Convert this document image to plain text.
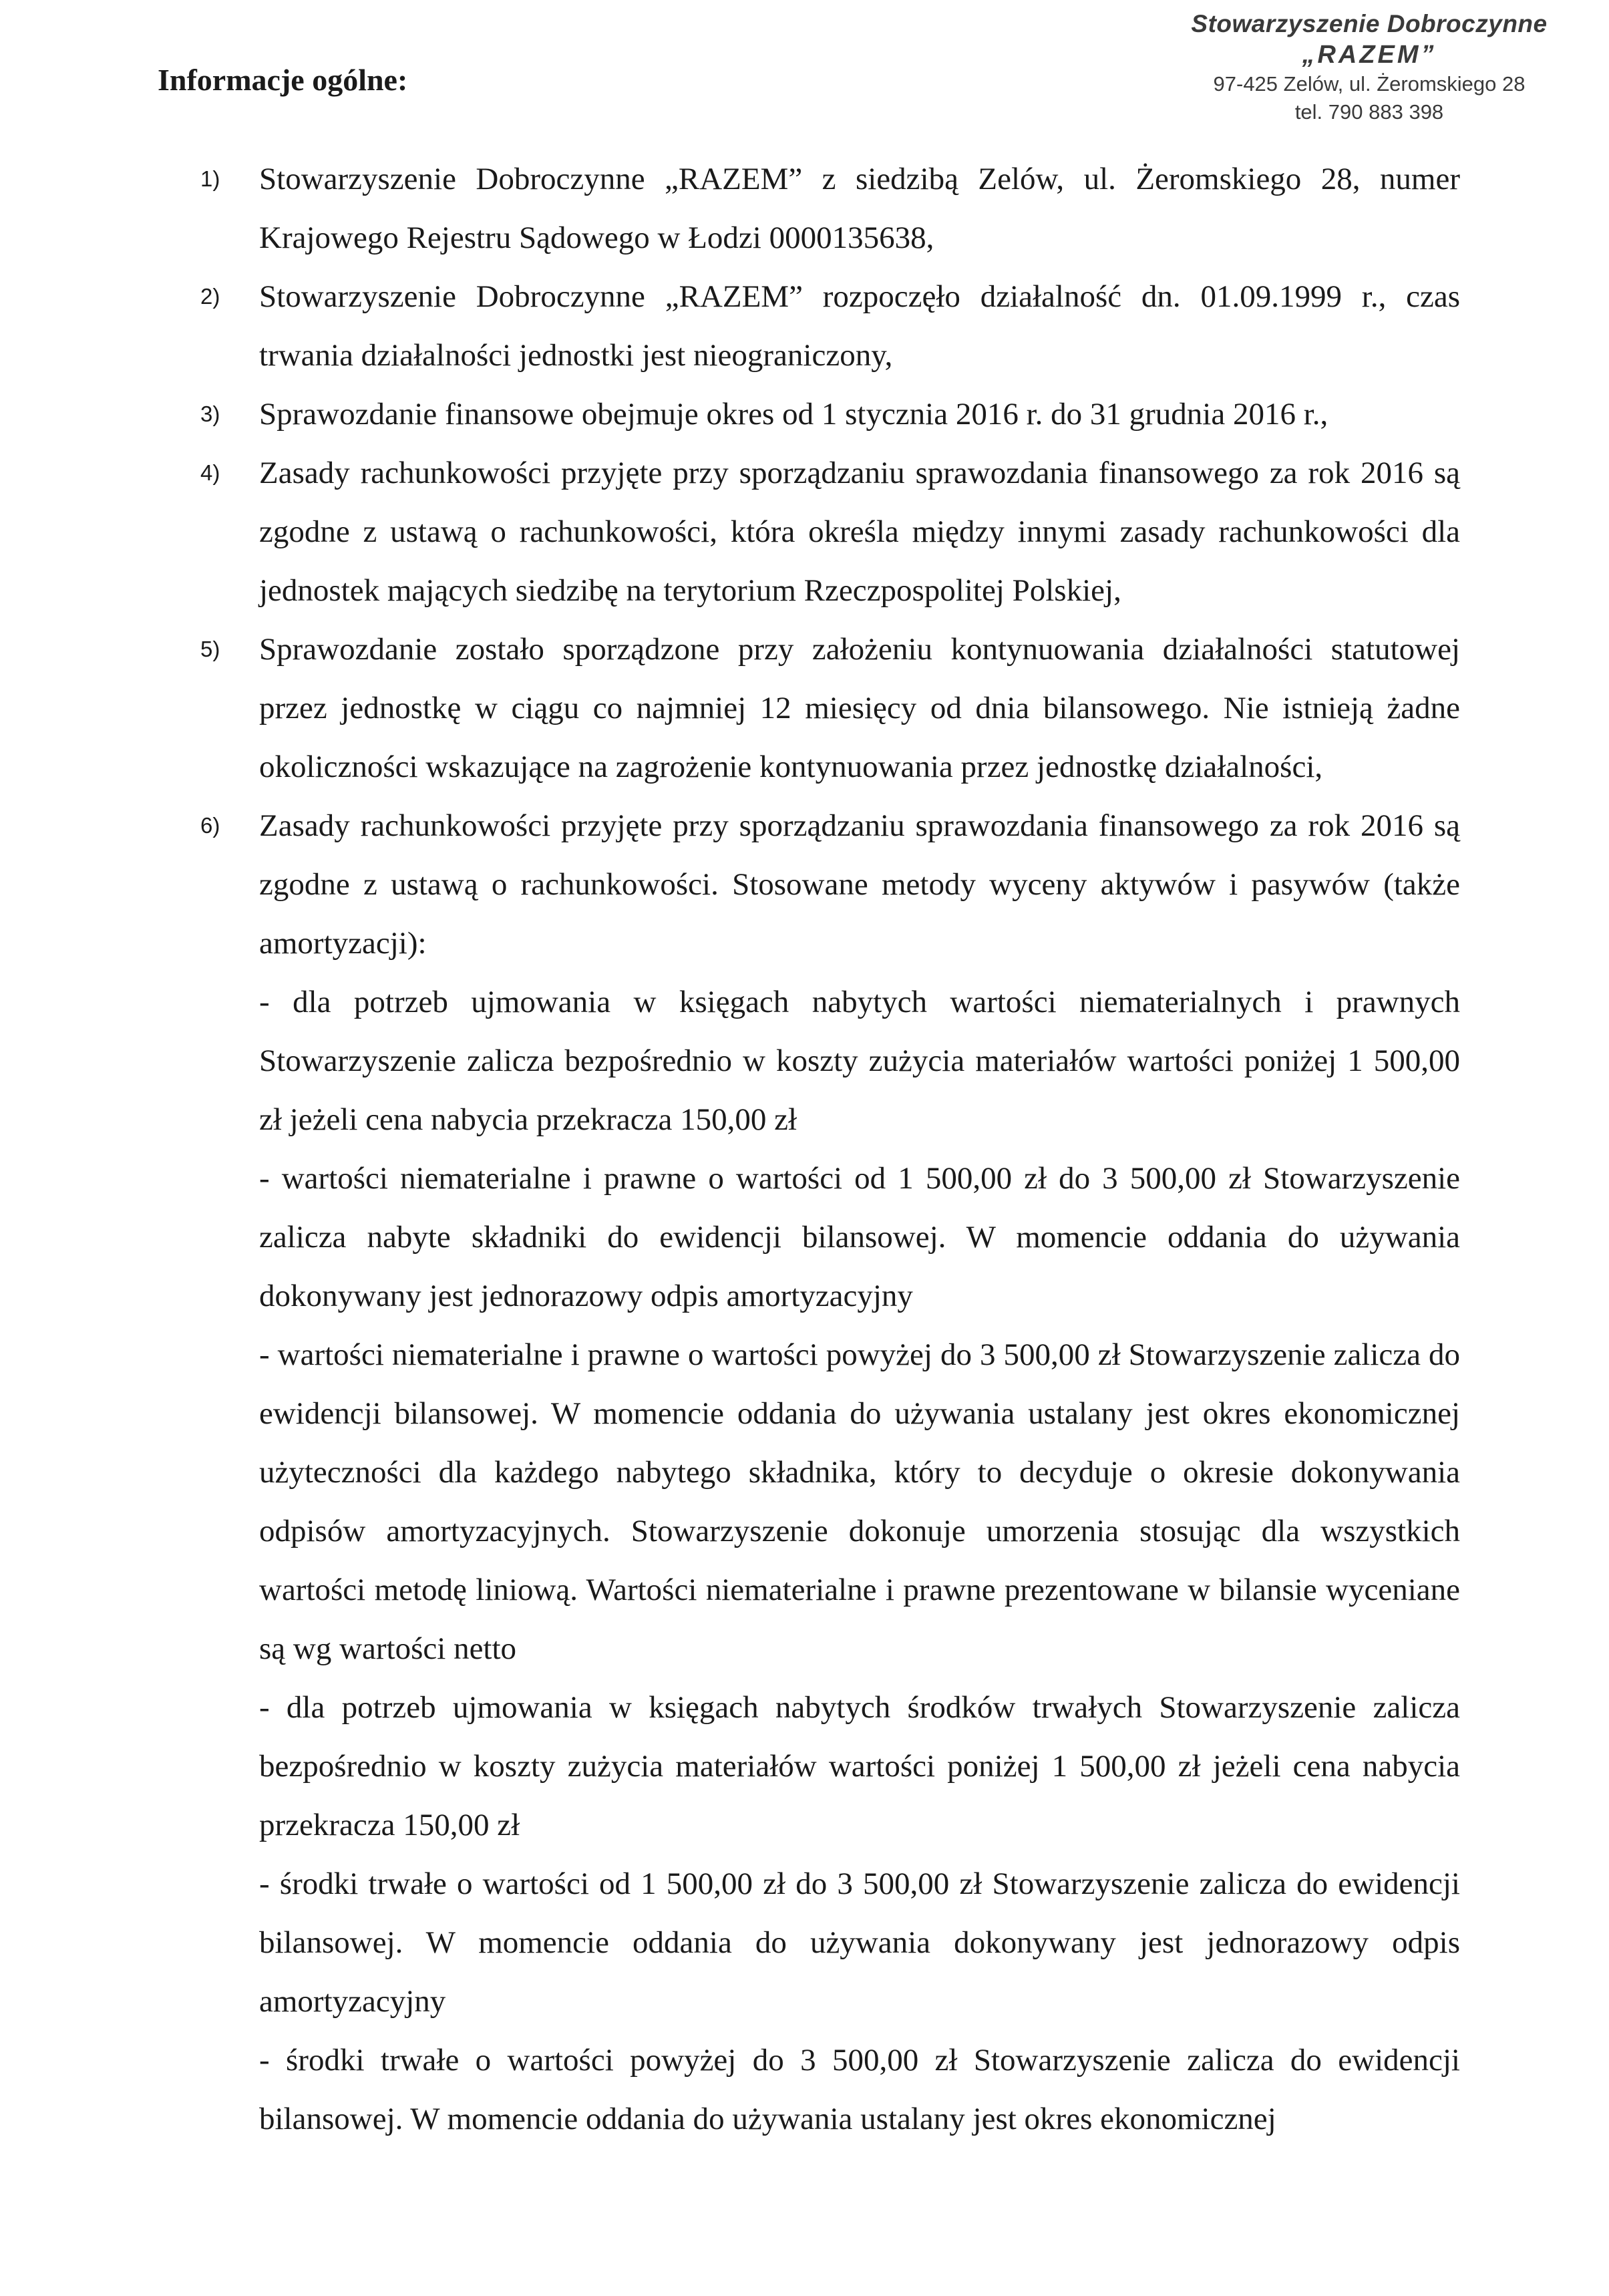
Stowarzyszenie Dobroczynne
„RAZEM”
97-425 Zelów, ul. Żeromskiego 28
tel. 790 883 398
Informacje ogólne:
1)	Stowarzyszenie Dobroczynne „RAZEM” z siedzibą Zelów, ul. Żeromskiego 28, numer Krajowego Rejestru Sądowego w Łodzi 0000135638,
2)	Stowarzyszenie Dobroczynne „RAZEM” rozpoczęło działalność dn. 01.09.1999 r., czas trwania działalności jednostki jest nieograniczony,
3)	Sprawozdanie finansowe obejmuje okres od 1 stycznia 2016 r. do 31 grudnia 2016 r.,
4)	Zasady rachunkowości przyjęte przy sporządzaniu sprawozdania finansowego za rok 2016 są zgodne z ustawą o rachunkowości, która określa między innymi zasady rachunkowości dla jednostek mających siedzibę na terytorium Rzeczpospolitej Polskiej,
5)	Sprawozdanie zostało sporządzone przy założeniu kontynuowania działalności statutowej przez jednostkę w ciągu co najmniej 12 miesięcy od dnia bilansowego. Nie istnieją żadne okoliczności wskazujące na zagrożenie kontynuowania przez jednostkę działalności,
6)	Zasady rachunkowości przyjęte przy sporządzaniu sprawozdania finansowego za rok 2016 są zgodne z ustawą o rachunkowości. Stosowane metody wyceny aktywów i pasywów (także amortyzacji):
- dla potrzeb ujmowania w księgach nabytych wartości niematerialnych i prawnych Stowarzyszenie zalicza bezpośrednio w koszty zużycia materiałów wartości poniżej 1 500,00 zł jeżeli cena nabycia przekracza 150,00 zł
- wartości niematerialne i prawne o wartości od 1 500,00 zł do 3 500,00 zł Stowarzyszenie zalicza nabyte składniki do ewidencji bilansowej. W momencie oddania do używania dokonywany jest jednorazowy odpis amortyzacyjny
- wartości niematerialne i prawne o wartości powyżej do 3 500,00 zł Stowarzyszenie zalicza do ewidencji bilansowej. W momencie oddania do używania ustalany jest okres ekonomicznej użyteczności dla każdego nabytego składnika, który to decyduje o okresie dokonywania odpisów amortyzacyjnych. Stowarzyszenie dokonuje umorzenia stosując dla wszystkich wartości metodę liniową. Wartości niematerialne i prawne prezentowane w bilansie wyceniane są wg wartości netto
- dla potrzeb ujmowania w księgach nabytych środków trwałych Stowarzyszenie zalicza bezpośrednio w koszty zużycia materiałów wartości poniżej 1 500,00 zł jeżeli cena nabycia przekracza 150,00 zł
- środki trwałe o wartości od 1 500,00 zł do 3 500,00 zł Stowarzyszenie zalicza do ewidencji bilansowej. W momencie oddania do używania dokonywany jest jednorazowy odpis amortyzacyjny
- środki trwałe o wartości powyżej do 3 500,00 zł Stowarzyszenie zalicza do ewidencji bilansowej. W momencie oddania do używania ustalany jest okres ekonomicznej
